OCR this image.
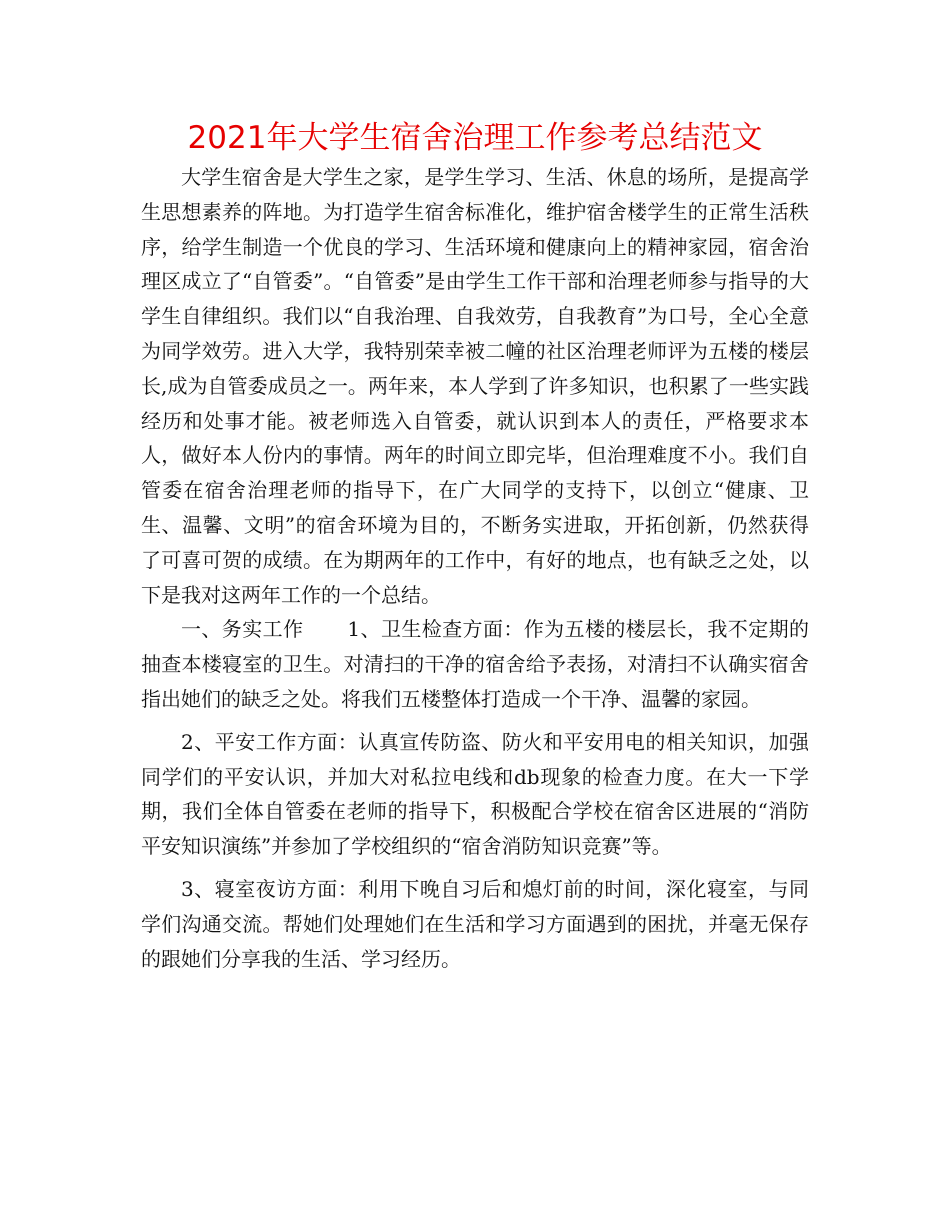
2021年大学生宿舍治理工作参考总结范文

大学生宿舍是大学生之家，是学生学习、生活、休息的场所，是提高学生思想素养的阵地。为打造学生宿舍标准化，维护宿舍楼学生的正常生活秩序，给学生制造一个优良的学习、生活环境和健康向上的精神家园，宿舍治理区成立了“自管委”。“自管委”是由学生工作干部和治理老师参与指导的大学生自律组织。我们以“自我治理、自我效劳，自我教育”为口号，全心全意为同学效劳。进入大学，我特别荣幸被二幢的社区治理老师评为五楼的楼层长,成为自管委成员之一。两年来，本人学到了许多知识，也积累了一些实践经历和处事才能。被老师选入自管委，就认识到本人的责任，严格要求本人，做好本人份内的事情。两年的时间立即完毕，但治理难度不小。我们自管委在宿舍治理老师的指导下，在广大同学的支持下，以创立“健康、卫生、温馨、文明”的宿舍环境为目的，不断务实进取，开拓创新，仍然获得了可喜可贺的成绩。在为期两年的工作中，有好的地点，也有缺乏之处，以下是我对这两年工作的一个总结。

一、务实工作 1、卫生检查方面：作为五楼的楼层长，我不定期的抽查本楼寝室的卫生。对清扫的干净的宿舍给予表扬，对清扫不认确实宿舍指出她们的缺乏之处。将我们五楼整体打造成一个干净、温馨的家园。

2、平安工作方面：认真宣传防盗、防火和平安用电的相关知识，加强同学们的平安认识，并加大对私拉电线和db现象的检查力度。在大一下学期，我们全体自管委在老师的指导下，积极配合学校在宿舍区进展的“消防平安知识演练”并参加了学校组织的“宿舍消防知识竞赛”等。

3、寝室夜访方面：利用下晚自习后和熄灯前的时间，深化寝室，与同学们沟通交流。帮她们处理她们在生活和学习方面遇到的困扰，并毫无保存的跟她们分享我的生活、学习经历。
